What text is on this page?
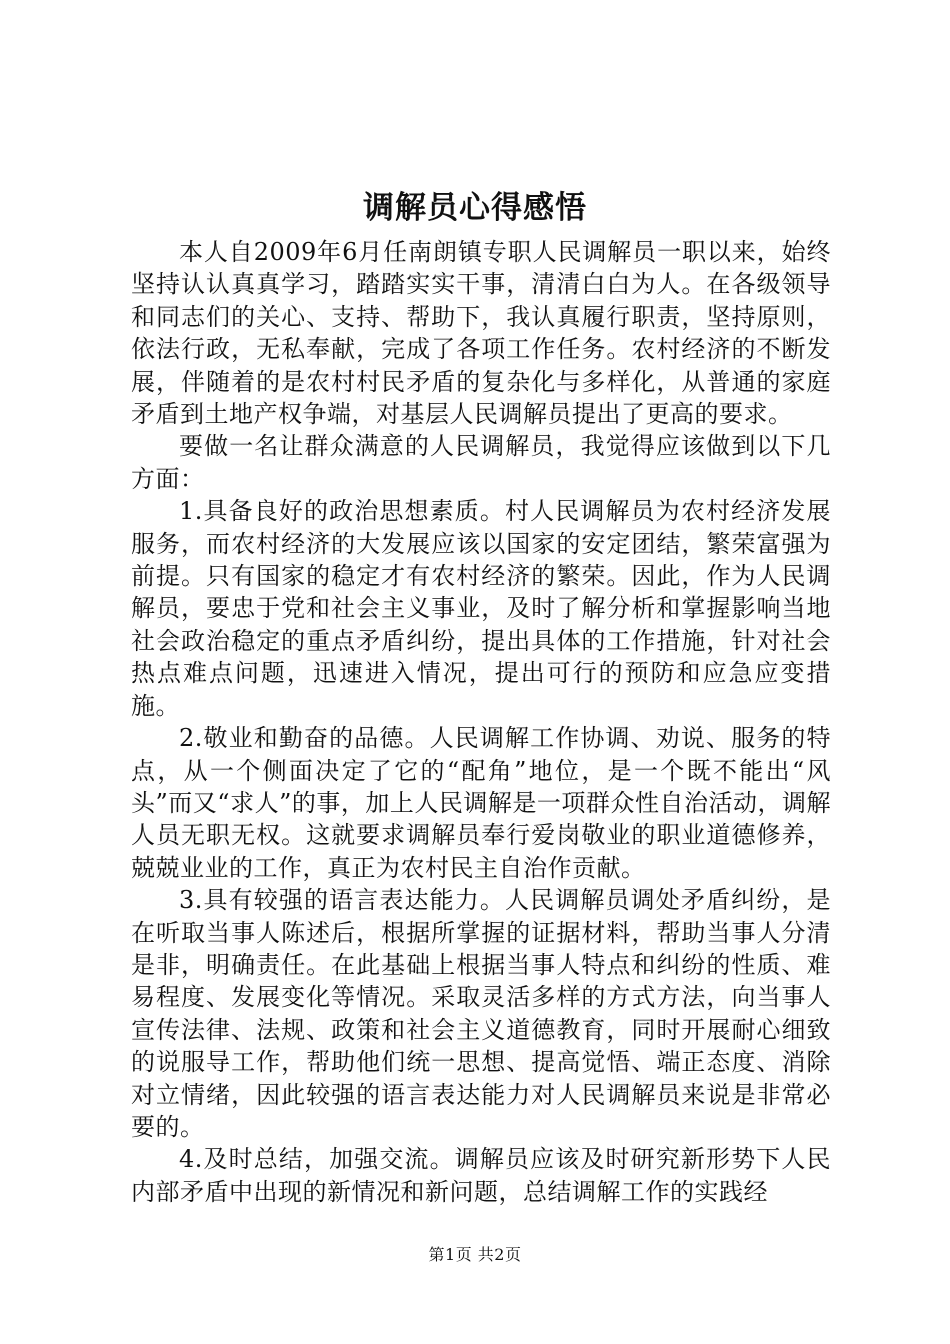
调解员心得感悟

本人自2009年6月任南朗镇专职人民调解员一职以来，始终坚持认认真真学习，踏踏实实干事，清清白白为人。在各级领导和同志们的关心、支持、帮助下，我认真履行职责，坚持原则，依法行政，无私奉献，完成了各项工作任务。农村经济的不断发展，伴随着的是农村村民矛盾的复杂化与多样化，从普通的家庭矛盾到土地产权争端，对基层人民调解员提出了更高的要求。

要做一名让群众满意的人民调解员，我觉得应该做到以下几方面：

1.具备良好的政治思想素质。村人民调解员为农村经济发展服务，而农村经济的大发展应该以国家的安定团结，繁荣富强为前提。只有国家的稳定才有农村经济的繁荣。因此，作为人民调解员，要忠于党和社会主义事业，及时了解分析和掌握影响当地社会政治稳定的重点矛盾纠纷，提出具体的工作措施，针对社会热点难点问题，迅速进入情况，提出可行的预防和应急应变措施。

2.敬业和勤奋的品德。人民调解工作协调、劝说、服务的特点，从一个侧面决定了它的“配角”地位，是一个既不能出“风头”而又“求人”的事，加上人民调解是一项群众性自治活动，调解人员无职无权。这就要求调解员奉行爱岗敬业的职业道德修养，兢兢业业的工作，真正为农村民主自治作贡献。

3.具有较强的语言表达能力。人民调解员调处矛盾纠纷，是在听取当事人陈述后，根据所掌握的证据材料，帮助当事人分清是非，明确责任。在此基础上根据当事人特点和纠纷的性质、难易程度、发展变化等情况。采取灵活多样的方式方法，向当事人宣传法律、法规、政策和社会主义道德教育，同时开展耐心细致的说服导工作，帮助他们统一思想、提高觉悟、端正态度、消除对立情绪，因此较强的语言表达能力对人民调解员来说是非常必要的。

4.及时总结，加强交流。调解员应该及时研究新形势下人民内部矛盾中出现的新情况和新问题，总结调解工作的实践经

第1页 共2页
